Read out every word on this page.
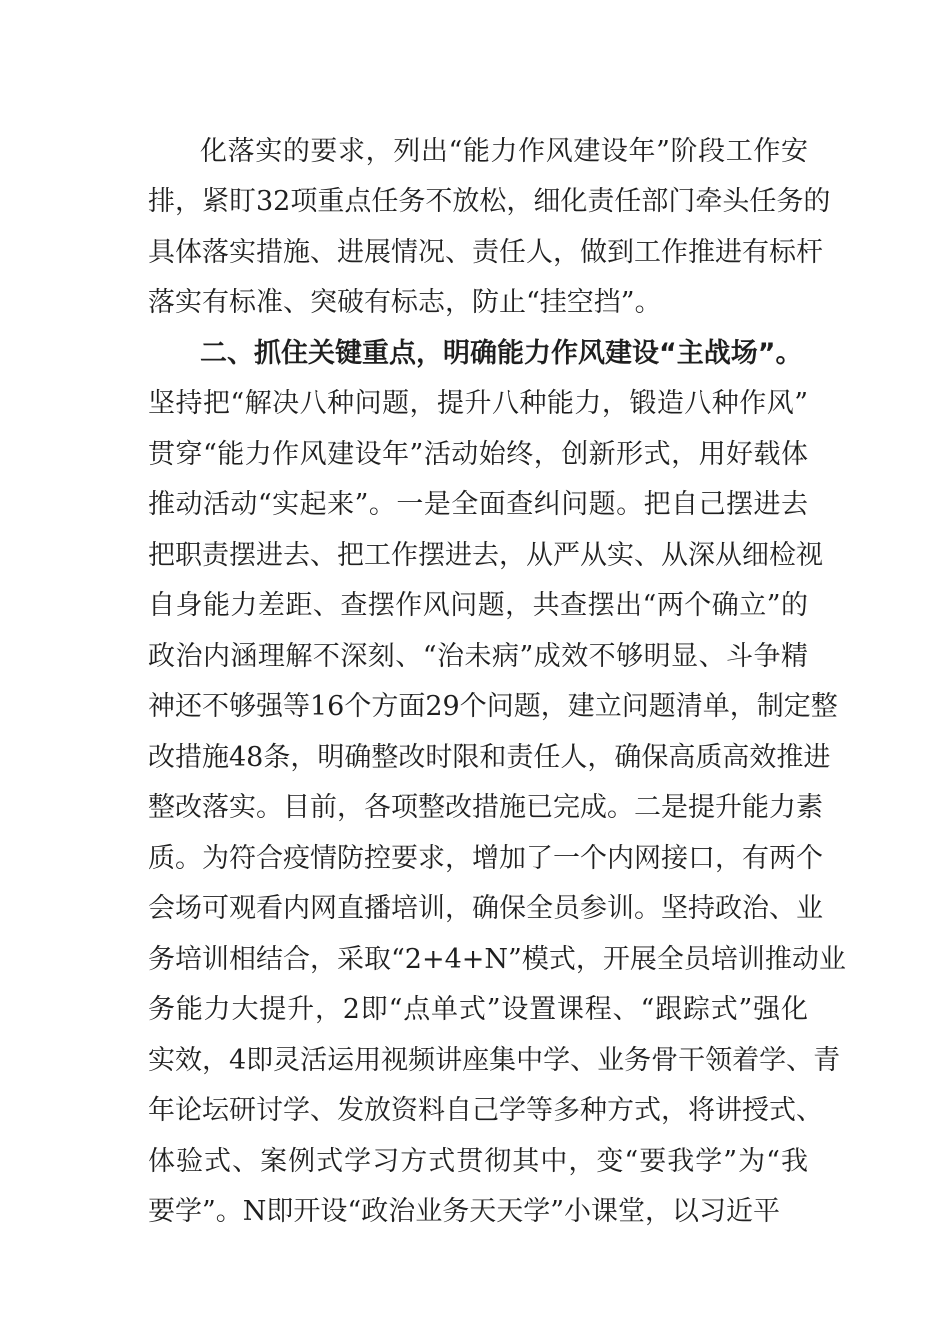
化落实的要求，列出“能力作风建设年”阶段工作安
排，紧盯32项重点任务不放松，细化责任部门牵头任务的
具体落实措施、进展情况、责任人，做到工作推进有标杆
落实有标准、突破有标志，防止“挂空挡”。
二、抓住关键重点，明确能力作风建设“主战场”。
坚持把“解决八种问题，提升八种能力，锻造八种作风”
贯穿“能力作风建设年”活动始终，创新形式，用好载体
推动活动“实起来”。一是全面查纠问题。把自己摆进去
把职责摆进去、把工作摆进去，从严从实、从深从细检视
自身能力差距、查摆作风问题，共查摆出“两个确立”的
政治内涵理解不深刻、“治未病”成效不够明显、斗争精
神还不够强等16个方面29个问题，建立问题清单，制定整
改措施48条，明确整改时限和责任人，确保高质高效推进
整改落实。目前，各项整改措施已完成。二是提升能力素
质。为符合疫情防控要求，增加了一个内网接口，有两个
会场可观看内网直播培训，确保全员参训。坚持政治、业
务培训相结合，采取“2+4+N”模式，开展全员培训推动业
务能力大提升，2即“点单式”设置课程、“跟踪式”强化
实效，4即灵活运用视频讲座集中学、业务骨干领着学、青
年论坛研讨学、发放资料自己学等多种方式，将讲授式、
体验式、案例式学习方式贯彻其中，变“要我学”为“我
要学”。N即开设“政治业务天天学”小课堂，以习近平
